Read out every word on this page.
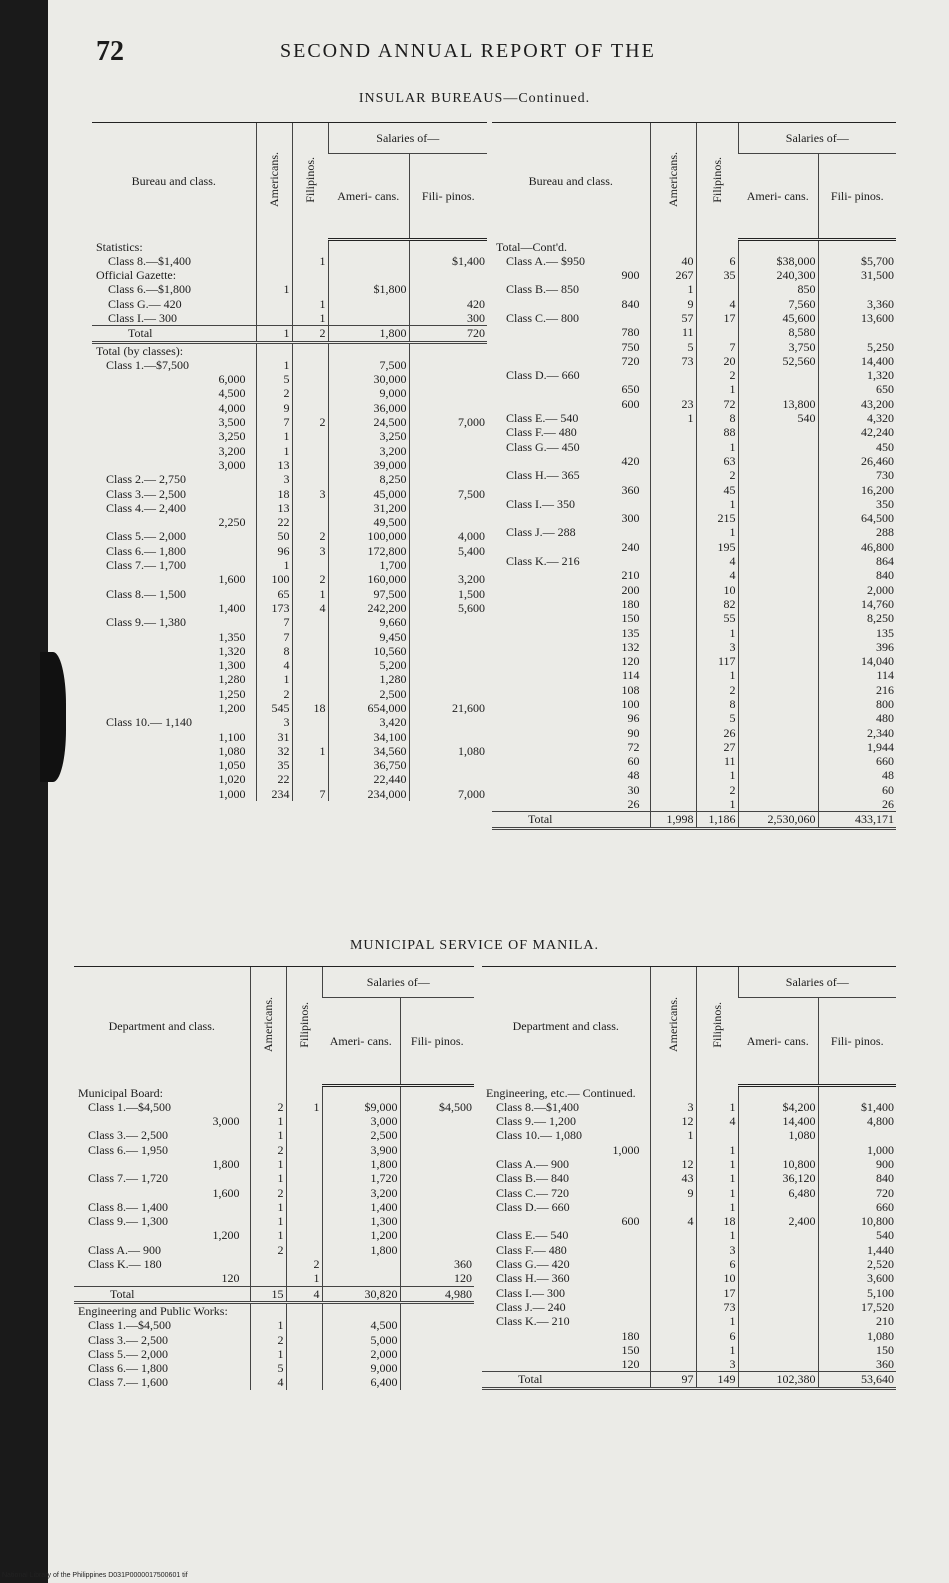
72	SECOND ANNUAL REPORT OF THE
INSULAR BUREAUS—Continued.
Bureau and class.	Americans.	Filipinos.	Salaries of—	
			Ameri- cans.	Fili- pinos.
Statistics:				
Class 8.—$1,400		1		$1,400
Official Gazette:				
Class 6.—$1,800	1		$1,800	
Class G.— 420		1		420
Class I.— 300		1		300
Total	1	2	1,800	720
Total (by classes):				
Class 1.—$7,500	1		7,500	
6,000	5		30,000	
4,500	2		9,000	
4,000	9		36,000	
3,500	7	2	24,500	7,000
3,250	1		3,250	
3,200	1		3,200	
3,000	13		39,000	
Class 2.— 2,750	3		8,250	
Class 3.— 2,500	18	3	45,000	7,500
Class 4.— 2,400	13		31,200	
2,250	22		49,500	
Class 5.— 2,000	50	2	100,000	4,000
Class 6.— 1,800	96	3	172,800	5,400
Class 7.— 1,700	1		1,700	
1,600	100	2	160,000	3,200
Class 8.— 1,500	65	1	97,500	1,500
1,400	173	4	242,200	5,600
Class 9.— 1,380	7		9,660	
1,350	7		9,450	
1,320	8		10,560	
1,300	4		5,200	
1,280	1		1,280	
1,250	2		2,500	
1,200	545	18	654,000	21,600
Class 10.— 1,140	3		3,420	
1,100	31		34,100	
1,080	32	1	34,560	1,080
1,050	35		36,750	
1,020	22		22,440	
1,000	234	7	234,000	7,000
Bureau and class.	Americans.	Filipinos.	Salaries of—	
			Ameri- cans.	Fili- pinos.
Total—Cont'd.				
Class A.— $950	40	6	$38,000	$5,700
900	267	35	240,300	31,500
Class B.— 850	1		850	
840	9	4	7,560	3,360
Class C.— 800	57	17	45,600	13,600
780	11		8,580	
750	5	7	3,750	5,250
720	73	20	52,560	14,400
Class D.— 660		2		1,320
650		1		650
600	23	72	13,800	43,200
Class E.— 540	1	8	540	4,320
Class F.— 480		88		42,240
Class G.— 450		1		450
420		63		26,460
Class H.— 365		2		730
360		45		16,200
Class I.— 350		1		350
300		215		64,500
Class J.— 288		1		288
240		195		46,800
Class K.— 216		4		864
210		4		840
200		10		2,000
180		82		14,760
150		55		8,250
135		1		135
132		3		396
120		117		14,040
114		1		114
108		2		216
100		8		800
96		5		480
90		26		2,340
72		27		1,944
60		11		660
48		1		48
30		2		60
26		1		26
Total	1,998	1,186	2,530,060	433,171
MUNICIPAL SERVICE OF MANILA.
Department and class.	Americans.	Filipinos.	Salaries of—	
			Ameri- cans.	Fili- pinos.
Municipal Board:				
Class 1.—$4,500	2	1	$9,000	$4,500
3,000	1		3,000	
Class 3.— 2,500	1		2,500	
Class 6.— 1,950	2		3,900	
1,800	1		1,800	
Class 7.— 1,720	1		1,720	
1,600	2		3,200	
Class 8.— 1,400	1		1,400	
Class 9.— 1,300	1		1,300	
1,200	1		1,200	
Class A.— 900	2		1,800	
Class K.— 180		2		360
120		1		120
Total	15	4	30,820	4,980
Engineering and Public Works:				
Class 1.—$4,500	1		4,500	
Class 3.— 2,500	2		5,000	
Class 5.— 2,000	1		2,000	
Class 6.— 1,800	5		9,000	
Class 7.— 1,600	4		6,400	
Department and class.	Americans.	Filipinos.	Salaries of—	
			Ameri- cans.	Fili- pinos.
Engineering, etc.— Continued.				
Class 8.—$1,400	3	1	$4,200	$1,400
Class 9.— 1,200	12	4	14,400	4,800
Class 10.— 1,080	1		1,080	
1,000		1		1,000
Class A.— 900	12	1	10,800	900
Class B.— 840	43	1	36,120	840
Class C.— 720	9	1	6,480	720
Class D.— 660		1		660
600	4	18	2,400	10,800
Class E.— 540		1		540
Class F.— 480		3		1,440
Class G.— 420		6		2,520
Class H.— 360		10		3,600
Class I.— 300		17		5,100
Class J.— 240		73		17,520
Class K.— 210		1		210
180		6		1,080
150		1		150
120		3		360
Total	97	149	102,380	53,640
National Library of the Philippines D031P0000017500601 tif
